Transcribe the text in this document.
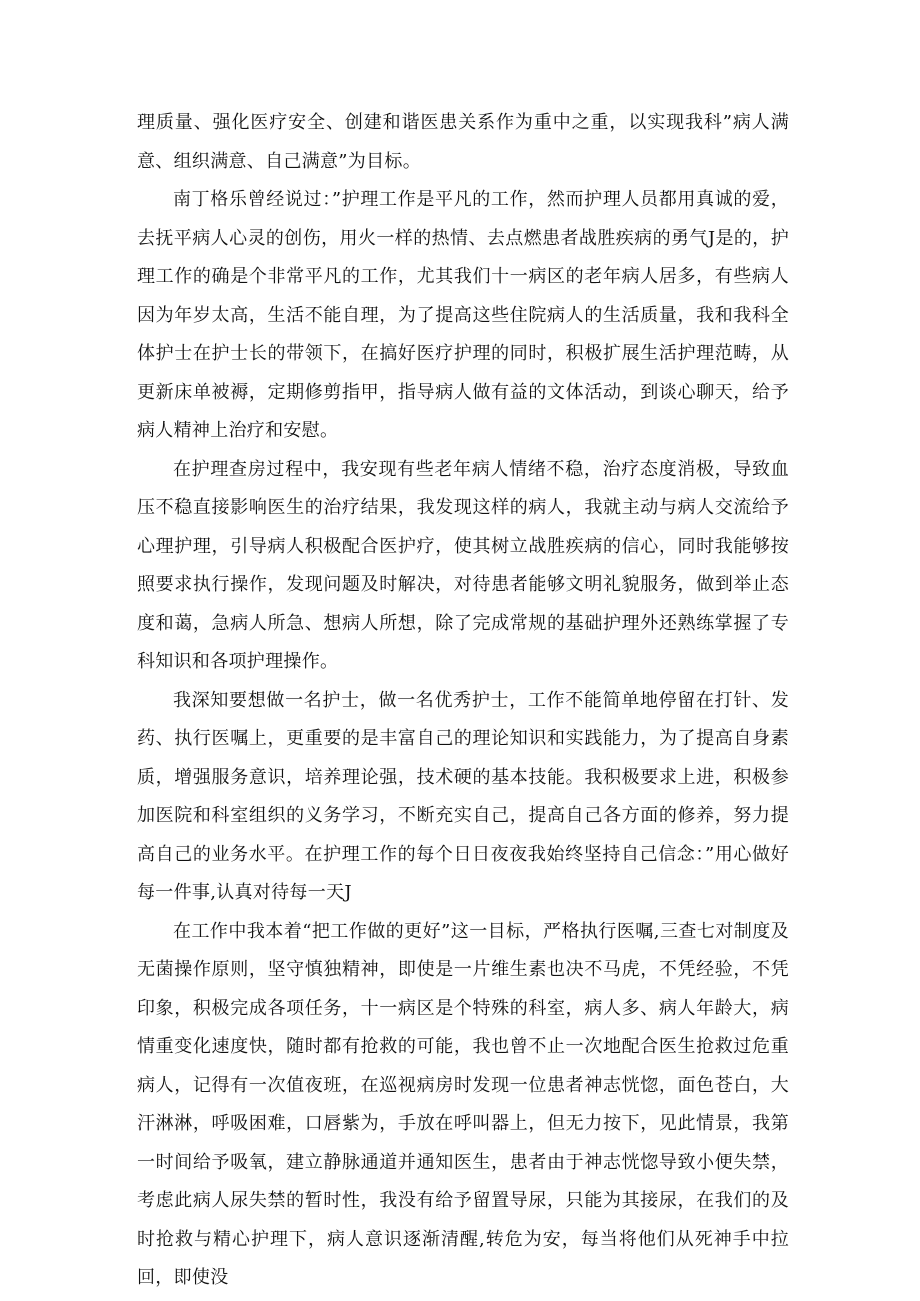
理质量、强化医疗安全、创建和谐医患关系作为重中之重，以实现我科”病人满意、组织满意、自己满意”为目标。

南丁格乐曾经说过：”护理工作是平凡的工作，然而护理人员都用真诚的爱，去抚平病人心灵的创伤，用火一样的热情、去点燃患者战胜疾病的勇气J是的，护理工作的确是个非常平凡的工作，尤其我们十一病区的老年病人居多，有些病人因为年岁太高，生活不能自理，为了提高这些住院病人的生活质量，我和我科全体护士在护士长的带领下，在搞好医疗护理的同时，积极扩展生活护理范畴，从更新床单被褥，定期修剪指甲，指导病人做有益的文体活动，到谈心聊天，给予病人精神上治疗和安慰。

在护理查房过程中，我安现有些老年病人情绪不稳，治疗态度消极，导致血压不稳直接影响医生的治疗结果，我发现这样的病人，我就主动与病人交流给予心理护理，引导病人积极配合医护疗，使其树立战胜疾病的信心，同时我能够按照要求执行操作，发现问题及时解决，对待患者能够文明礼貌服务，做到举止态度和蔼，急病人所急、想病人所想，除了完成常规的基础护理外还熟练掌握了专科知识和各项护理操作。

我深知要想做一名护士，做一名优秀护士，工作不能简单地停留在打针、发药、执行医嘱上，更重要的是丰富自己的理论知识和实践能力，为了提高自身素质，增强服务意识，培养理论强，技术硬的基本技能。我积极要求上进，积极参加医院和科室组织的义务学习，不断充实自己，提高自己各方面的修养，努力提高自己的业务水平。在护理工作的每个日日夜夜我始终坚持自己信念：”用心做好每一件事,认真对待每一天J

在工作中我本着“把工作做的更好”这一目标，严格执行医嘱,三查七对制度及无菌操作原则，坚守慎独精神，即使是一片维生素也决不马虎，不凭经验，不凭印象，积极完成各项任务，十一病区是个特殊的科室，病人多、病人年龄大，病情重变化速度快，随时都有抢救的可能，我也曾不止一次地配合医生抢救过危重病人，记得有一次值夜班，在巡视病房时发现一位患者神志恍惚，面色苍白，大汗淋淋，呼吸困难，口唇紫为，手放在呼叫器上，但无力按下，见此情景，我第一时间给予吸氧，建立静脉通道并通知医生，患者由于神志恍惚导致小便失禁，考虑此病人尿失禁的暂时性，我没有给予留置导尿，只能为其接尿，在我们的及时抢救与精心护理下，病人意识逐渐清醒,转危为安，每当将他们从死神手中拉回，即使没
